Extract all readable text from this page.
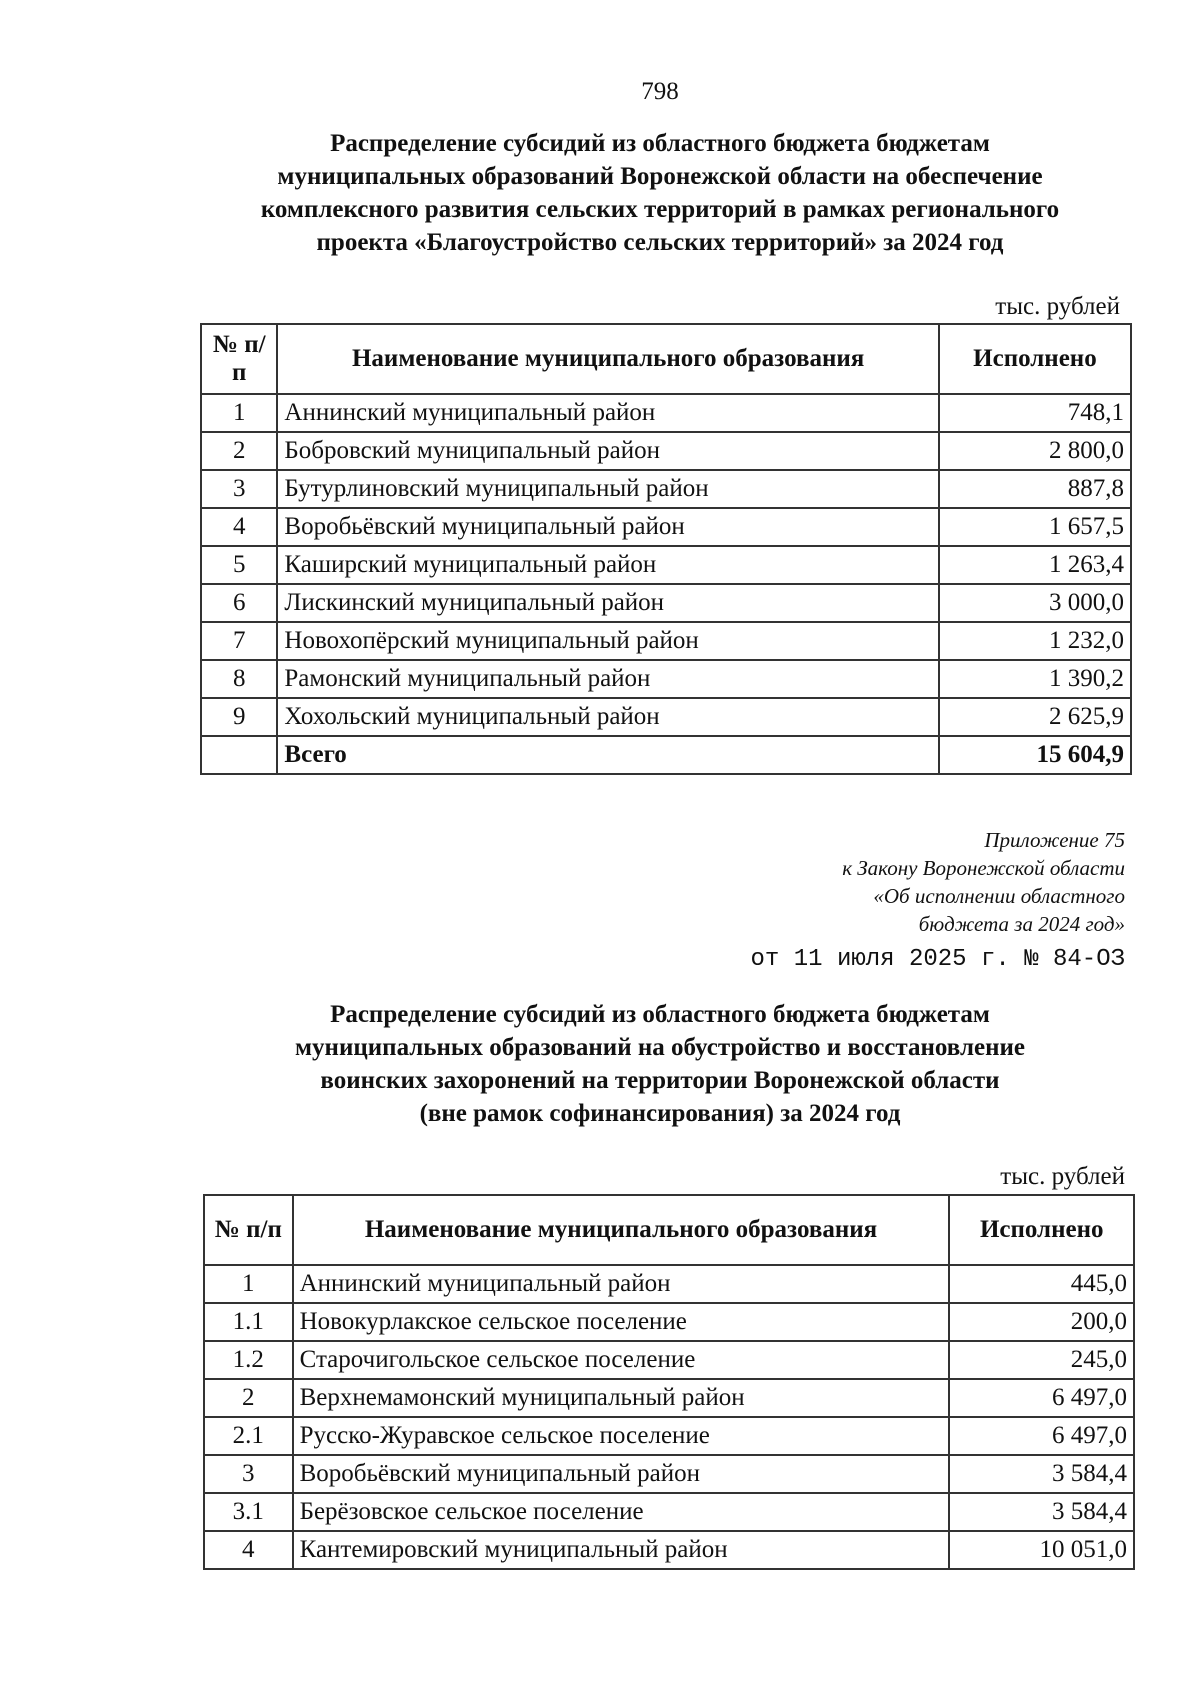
798
Распределение субсидий из областного бюджета бюджетам
муниципальных образований Воронежской области на обеспечение
комплексного развития сельских территорий в рамках регионального
проекта «Благоустройство сельских территорий» за 2024 год
тыс. рублей
№ п/п	Наименование муниципального образования	Исполнено
1	Аннинский муниципальный район	748,1
2	Бобровский муниципальный район	2 800,0
3	Бутурлиновский муниципальный район	887,8
4	Воробьёвский муниципальный район	1 657,5
5	Каширский муниципальный район	1 263,4
6	Лискинский муниципальный район	3 000,0
7	Новохопёрский муниципальный район	1 232,0
8	Рамонский муниципальный район	1 390,2
9	Хохольский муниципальный район	2 625,9
	Всего	15 604,9
Приложение 75
к Закону Воронежской области
«Об исполнении областного
бюджета за 2024 год»
от 11 июля 2025 г. № 84-ОЗ
Распределение субсидий из областного бюджета бюджетам
муниципальных образований на обустройство и восстановление
воинских захоронений на территории Воронежской области
(вне рамок софинансирования) за 2024 год
тыс. рублей
№ п/п	Наименование муниципального образования	Исполнено
1	Аннинский муниципальный район	445,0
1.1	Новокурлакское сельское поселение	200,0
1.2	Старочигольское сельское поселение	245,0
2	Верхнемамонский муниципальный район	6 497,0
2.1	Русско-Журавское сельское поселение	6 497,0
3	Воробьёвский муниципальный район	3 584,4
3.1	Берёзовское сельское поселение	3 584,4
4	Кантемировский муниципальный район	10 051,0
